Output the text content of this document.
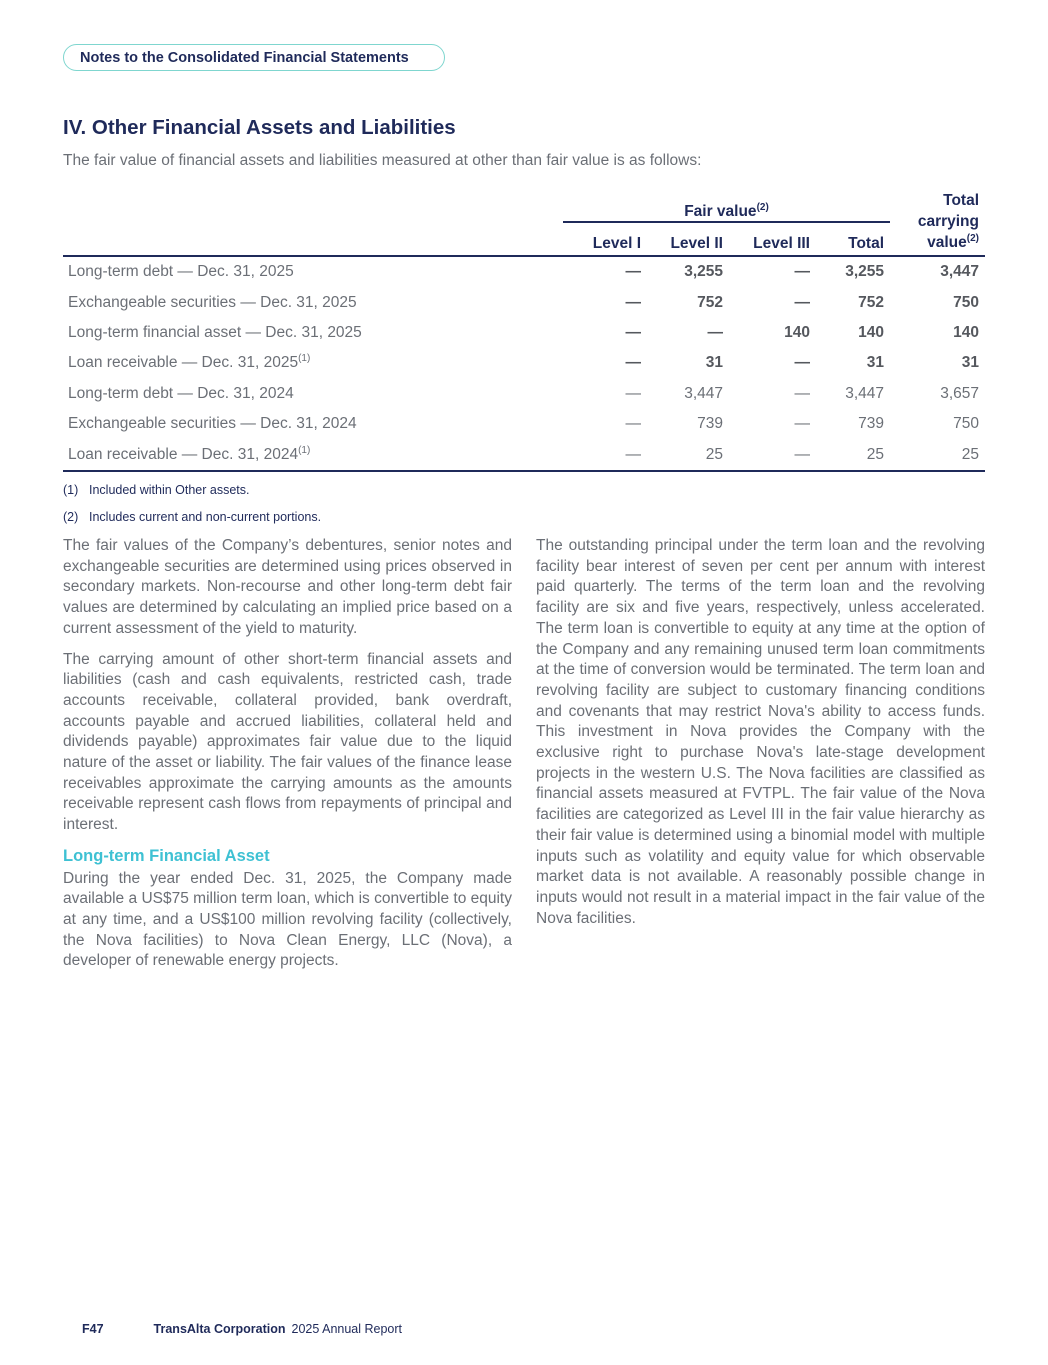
Notes to the Consolidated Financial Statements
IV. Other Financial Assets and Liabilities
The fair value of financial assets and liabilities measured at other than fair value is as follows:
	Fair value$^{(2)}$				Total
carrying
value$^{(2)}$
	Level I	Level II	Level III	Total	
Long-term debt — Dec. 31, 2025	—	3,255	—	3,255	3,447
Exchangeable securities — Dec. 31, 2025	—	752	—	752	750
Long-term financial asset — Dec. 31, 2025	—	—	140	140	140
Loan receivable — Dec. 31, 2025$^{(1)}$	—	31	—	31	31
Long-term debt — Dec. 31, 2024	—	3,447	—	3,447	3,657
Exchangeable securities — Dec. 31, 2024	—	739	—	739	750
Loan receivable — Dec. 31, 2024$^{(1)}$	—	25	—	25	25
(1) Included within Other assets.
(2) Includes current and non-current portions.

The fair values of the Company’s debentures, senior notes and exchangeable securities are determined using prices observed in secondary markets. Non-recourse and other long-term debt fair values are determined by calculating an implied price based on a current assessment of the yield to maturity.

The carrying amount of other short-term financial assets and liabilities (cash and cash equivalents, restricted cash, trade accounts receivable, collateral provided, bank overdraft, accounts payable and accrued liabilities, collateral held and dividends payable) approximates fair value due to the liquid nature of the asset or liability. The fair values of the finance lease receivables approximate the carrying amounts as the amounts receivable represent cash flows from repayments of principal and interest.

Long-term Financial Asset

During the year ended Dec. 31, 2025, the Company made available a US$75 million term loan, which is convertible to equity at any time, and a US$100 million revolving facility (collectively, the Nova facilities) to Nova Clean Energy, LLC (Nova), a developer of renewable energy projects.

The outstanding principal under the term loan and the revolving facility bear interest of seven per cent per annum with interest paid quarterly. The terms of the term loan and the revolving facility are six and five years, respectively, unless accelerated. The term loan is convertible to equity at any time at the option of the Company and any remaining unused term loan commitments at the time of conversion would be terminated. The term loan and revolving facility are subject to customary financing conditions and covenants that may restrict Nova's ability to access funds. This investment in Nova provides the Company with the exclusive right to purchase Nova's late-stage development projects in the western U.S. The Nova facilities are classified as financial assets measured at FVTPL. The fair value of the Nova facilities are categorized as Level III in the fair value hierarchy as their fair value is determined using a binomial model with multiple inputs such as volatility and equity value for which observable market data is not available. A reasonably possible change in inputs would not result in a material impact in the fair value of the Nova facilities.

F47	TransAlta Corporation 2025 Annual Report
